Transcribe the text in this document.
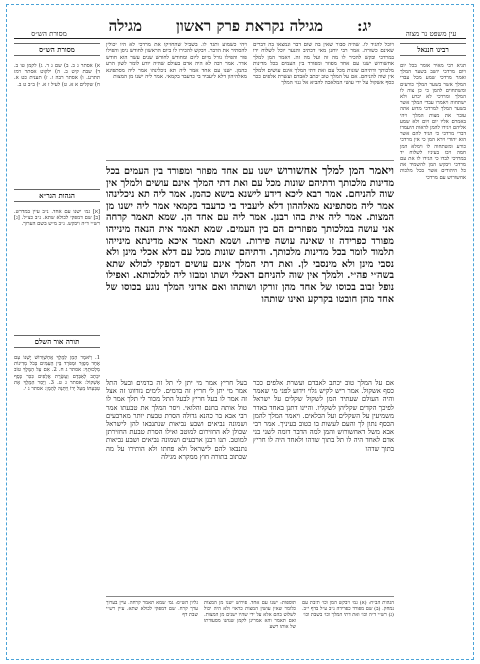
עין משפט נר מצוה
יג:
מגילה נקראת פרק ראשון
מגילה
מסורת הש״ס
רבינו חננאל
תניא רבי מאיר אומר בכל יום ויום מרדכי יושב בשער המלך ואמר מרדכי שמע מכל עבדי המלך אשר בשער המלך כורעים ומשתחוים להמן כי כן צוה לו המלך ומרדכי לא יכרע ולא ישתחוה ויאמרו עבדי המלך אשר בשער המלך למרדכי מדוע אתה עובר את מצות המלך ויהי באמרם אליו יום ויום ולא שמע אליהם ויגידו להמן לראות היעמדו דברי מרדכי כי הגיד להם אשר הוא יהודי וירא המן כי אין מרדכי כורע ומשתחוה לו וימלא המן חמה ויבז בעיניו לשלוח יד במרדכי לבדו כי הגידו לו את עם מרדכי ויבקש המן להשמיד את כל היהודים אשר בכל מלכות אחשורוש עם מרדכי
ויוכל להגיד לו. שהיה סבור שאין בה שום דבר ונמצאו בה דברים שאינם כשורה. אמר רבי יוחנן מאי דכתיב והנער יוכל לשלוח ידו במרדכי ובקש להכיר לו מה זה ועל מה זה. ויאמר המן למלך אחשורוש ישנו עם אחד מפוזר ומפורד בין העמים בכל מדינות מלכותך ודתיהם שונות מכל עם ואת דתי המלך אינם עושים ולמלך אין שוה להניחם. אם על המלך טוב יכתב לאבדם ועשרת אלפים ככר כסף אשקול על ידי עושי המלאכה להביא אל גנזי המלך
ויהי כשמוע ותגד לו. בשביל שהחזיקו את מרדכי לא היו יכולין להסתיר את הדבר. ויבקש להכירו לו ביום הראשון לחודש ניסן והפילו פור והפילו גורל מיום ליום ומחודש לחודש שנים עשר הוא חודש אדר. אמר רבה לא היה אדם בעולם שהיה יודע לומר לשון הרע כהמן. ישנו עם אחד אמר ליה תא ניכלינהו אמר ליה מסתפינא מאלהיהון דלא ליעביד בי כדעבד בקמאי. אמר ליה ישנו מן המצות
ויאמר המן למלך אחשורוש ישנו עם אחד מפוזר ומפורד בין העמים בכל מדינות מלכותך ודתיהם שונות מכל עם ואת דתי המלך אינם עושים ולמלך אין שוה להניחם. אמר רבא ליכא דידע לישנא בישא כהמן. אמר ליה תא ניכלינהו אמר ליה מסתפינא מאלההון דלא ליעביד בי כדעבד בקמאי אמר ליה ישנו מן המצות. אמר ליה אית בהו רבנן. אמר ליה עם אחד הן. שמא תאמר קרחה אני עושה במלכותך מפוזרים הם בין העמים. שמא תאמר אית הנאה מינייהו מפורד כפרידה זו שאינה עושה פירות. ושמא תאמר איכא מדינתא מינייהו תלמוד לומר בכל מדינות מלכותך. ודתיהם שונות מכל עם דלא אכלי מינן ולא נסבי מינן ולא מינסבי לן. ואת דתי המלך אינם עושים דמפקי לכולא שתא בשה״י פה״י. ולמלך אין שוה להניחם דאכלי ושתו ומבזו ליה למלכותא. ואפילו נופל זבוב בכוסו של אחד מהן זורקו ושותהו ואם אדוני המלך נוגע בכוסו של אחד מהן חובטו בקרקע ואינו שותהו
אם על המלך טוב יכתב לאבדם ועשרת אלפים ככר כסף אשקול. אמר ריש לקיש גלוי וידוע לפני מי שאמר והיה העולם שעתיד המן לשקול שקלים על ישראל לפיכך הקדים שקליהן לשקליו. והיינו דתנן באחד באדר משמיעין על השקלים ועל הכלאים. ויאמר המלך להמן הכסף נתון לך והעם לעשות בו כטוב בעיניך. אמר רבי אבא משל דאחשורוש והמן למה הדבר דומה לשני בני אדם לאחד היה לו תל בתוך שדהו ולאחד היה לו חריץ בתוך שדהו
בעל חריץ אמר מי יתן לי תל זה בדמים ובעל התל אמר מי יתן לי חריץ זה בדמים. לימים נזדווגו זה אצל זה אמר לו בעל חריץ לבעל התל מכור לי תלך אמר לו טול אותה בחנם והלואי. ויסר המלך את טבעתו אמר רבי אבא בר כהנא גדולה הסרת טבעת יותר מארבעים ושמונה נביאים ושבע נביאות שנתנבאו להן לישראל שכולן לא החזירום למוטב ואילו הסרת טבעת החזירתן למוטב. תנו רבנן ארבעים ושמונה נביאים ושבע נביאות נתנבאו להם לישראל ולא פחתו ולא הותירו על מה שכתוב בתורה חוץ ממקרא מגילה
הגהות הב״ח: (א) גמ׳ ויבקש המן וכו׳ תיבת עם נמחק. (ב) שם מפורד כפרידה נ״ב ע״ל בדף י״ב. (ג) רש״י ד״ה וכו׳ ואת דתי המלך וכו׳ בשבת וכו׳
תוספות: ישנו עם אחד. פירוש ישנו מן המצות כלומר שאין עושין המצות כראוי ולא היה יכול לשלוט בהם אלא על ידי שהיו ישנים מן המצות. ואם תאמר והא אמרינן לקמן שנהנו מסעודתו של אותו רשע
גליון הש״ס: גמ׳ שמא תאמר קרחה. עיין בערוך ערך קרח. שם דמפקי לכולא שתא. עיין רש״י שבת דף
מסורת הש״ס
א) אסתר ג ב. ב) שם ג ד. ג) לקמן טו ב. ד) שבת קיט ב. ה) ילקוט אסתר רמז תתרנג. ו) אסתר רבה ז. ז) תענית כט א. ח) שקלים א א. ט) לעיל ז א. י) ב״ב ט ב.
הגהות הגר״א
[א] גמ׳ ישנו עם אחד. נ״ב עיין במדרש. [ב] שם דמפקי לכולא שתא. נ״ב כצ״ל. [ג] רש״י ד״ה ויבקש. נ״ב מ״ש בשם הערוך.
תורה אור השלם
1. וַיֹּאמֶר הָמָן לַמֶּלֶךְ אֲחַשְׁוֵרוֹשׁ יֶשְׁנוֹ עַם אֶחָד מְפֻזָּר וּמְפֹרָד בֵּין הָעַמִּים בְּכֹל מְדִינוֹת מַלְכוּתֶךָ: אסתר ג ח. 2. אִם עַל הַמֶּלֶךְ טוֹב יִכָּתֵב לְאַבְּדָם וַעֲשֶׂרֶת אֲלָפִים כִּכַּר כֶּסֶף אֶשְׁקוֹל: אסתר ג ט. 3. וַיָּסַר הַמֶּלֶךְ אֶת טַבַּעְתּוֹ מֵעַל יָדוֹ וַיִּתְּנָהּ לְהָמָן: אסתר ג י.
